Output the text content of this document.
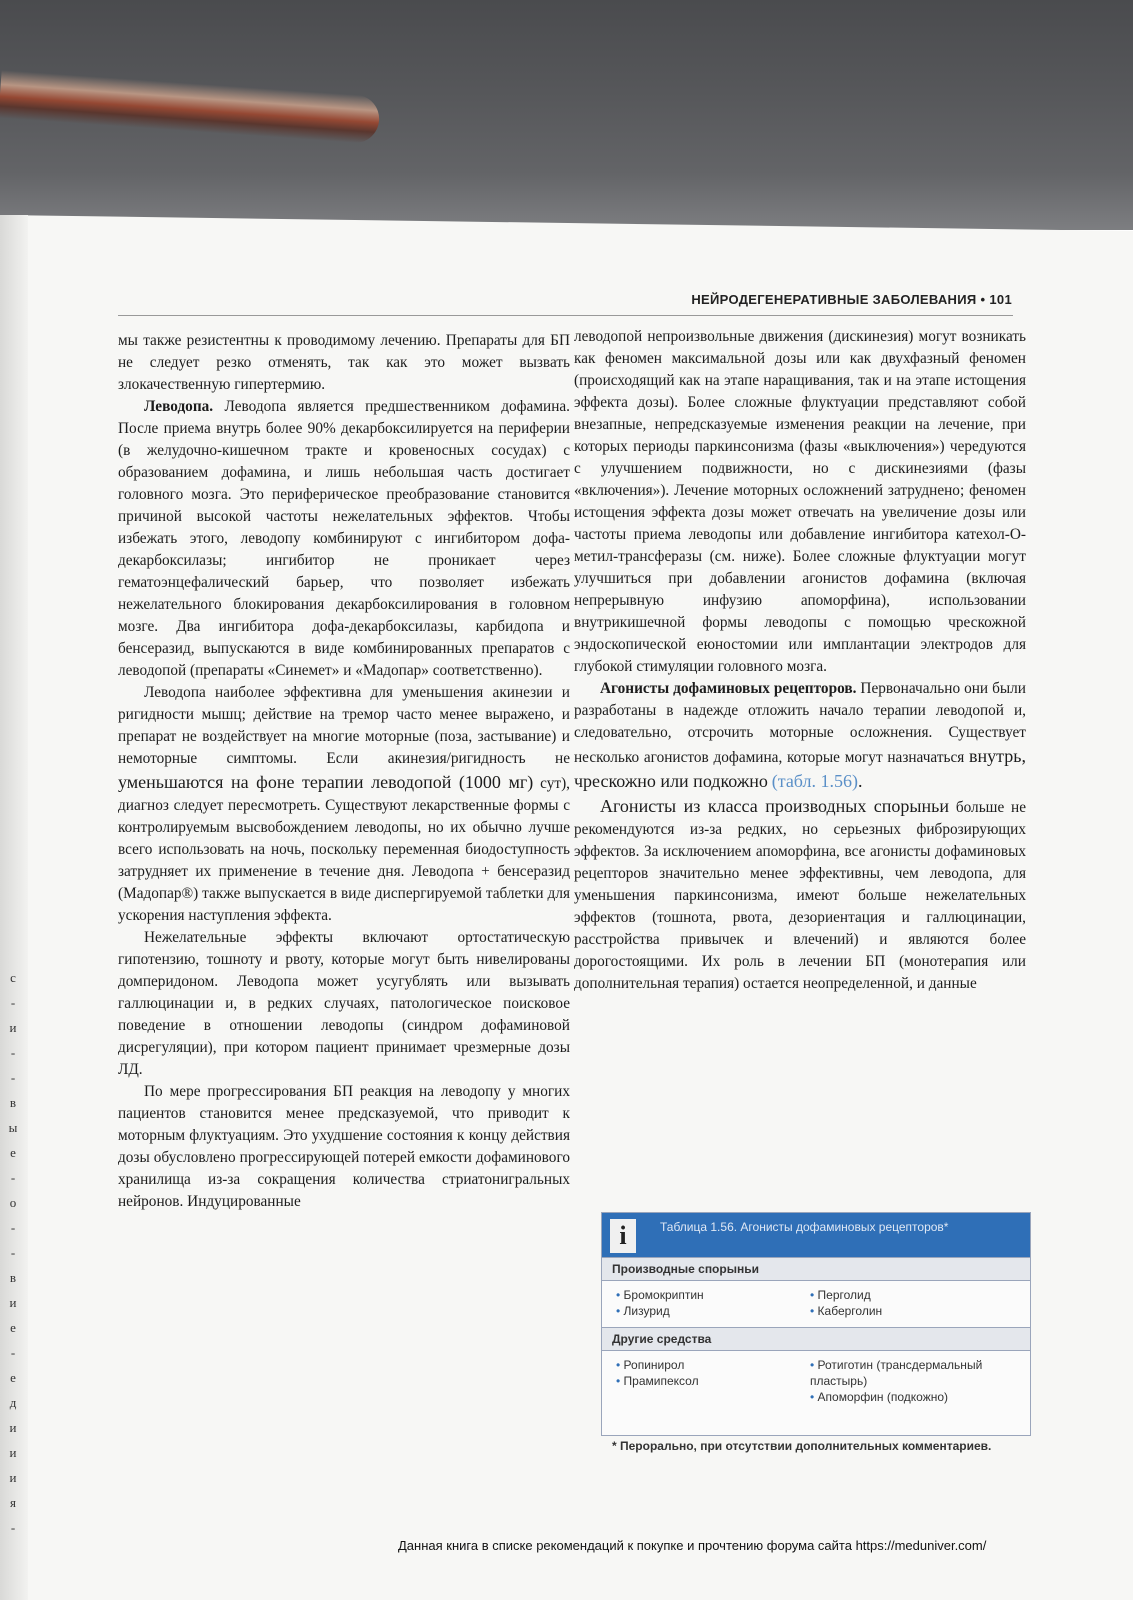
с
-
и
-
-
в
ы
е
-
о
-
-
в
и
е
-
е
д
и
и
и
я
-
НЕЙРОДЕГЕНЕРАТИВНЫЕ ЗАБОЛЕВАНИЯ • 101

мы также резистентны к проводимому лечению. Препараты для БП не следует резко отменять, так как это может вызвать злокачественную гипертермию.

Леводопа. Леводопа является предшественником дофамина. После приема внутрь более 90% декарбоксилируется на периферии (в желудочно-кишечном тракте и кровеносных сосудах) с образованием дофамина, и лишь небольшая часть достигает головного мозга. Это периферическое преобразование становится причиной высокой частоты нежелательных эффектов. Чтобы избежать этого, леводопу комбинируют с ингибитором дофа-декарбоксилазы; ингибитор не проникает через гематоэнцефалический барьер, что позволяет избежать нежелательного блокирования декарбоксилирования в головном мозге. Два ингибитора дофа-декарбоксилазы, карбидопа и бенсеразид, выпускаются в виде комбинированных препаратов с леводопой (препараты «Синемет» и «Мадопар» соответственно).

Леводопа наиболее эффективна для уменьшения акинезии и ригидности мышц; действие на тремор часто менее выражено, и препарат не воздействует на многие моторные (поза, застывание) и немоторные симптомы. Если акинезия/ригидность не уменьшаются на фоне терапии леводопой (1000 мг) сут), диагноз следует пересмотреть. Существуют лекарственные формы с контролируемым высвобождением леводопы, но их обычно лучше всего использовать на ночь, поскольку переменная биодоступность затрудняет их применение в течение дня. Леводопа + бенсеразид (Мадопар®) также выпускается в виде диспергируемой таблетки для ускорения наступления эффекта.

Нежелательные эффекты включают ортостатическую гипотензию, тошноту и рвоту, которые могут быть нивелированы домперидоном. Леводопа может усугублять или вызывать галлюцинации и, в редких случаях, патологическое поисковое поведение в отношении леводопы (синдром дофаминовой дисрегуляции), при котором пациент принимает чрезмерные дозы ЛД.

По мере прогрессирования БП реакция на леводопу у многих пациентов становится менее предсказуемой, что приводит к моторным флуктуациям. Это ухудшение состояния к концу действия дозы обусловлено прогрессирующей потерей емкости дофаминового хранилища из-за сокращения количества стриатонигральных нейронов. Индуцированные

леводопой непроизвольные движения (дискинезия) могут возникать как феномен максимальной дозы или как двухфазный феномен (происходящий как на этапе наращивания, так и на этапе истощения эффекта дозы). Более сложные флуктуации представляют собой внезапные, непредсказуемые изменения реакции на лечение, при которых периоды паркинсонизма (фазы «выключения») чередуются с улучшением подвижности, но с дискинезиями (фазы «включения»). Лечение моторных осложнений затруднено; феномен истощения эффекта дозы может отвечать на увеличение дозы или частоты приема леводопы или добавление ингибитора катехол-О-метил-трансферазы (см. ниже). Более сложные флуктуации могут улучшиться при добавлении агонистов дофамина (включая непрерывную инфузию апоморфина), использовании внутрикишечной формы леводопы с помощью чрескожной эндоскопической еюностомии или имплантации электродов для глубокой стимуляции головного мозга.

Агонисты дофаминовых рецепторов. Первоначально они были разработаны в надежде отложить начало терапии леводопой и, следовательно, отсрочить моторные осложнения. Существует несколько агонистов дофамина, которые могут назначаться внутрь, чрескожно или подкожно (табл. 1.56).

Агонисты из класса производных спорыньи больше не рекомендуются из-за редких, но серьезных фиброзирующих эффектов. За исключением апоморфина, все агонисты дофаминовых рецепторов значительно менее эффективны, чем леводопа, для уменьшения паркинсонизма, имеют больше нежелательных эффектов (тошнота, рвота, дезориентация и галлюцинации, расстройства привычек и влечений) и являются более дорогостоящими. Их роль в лечении БП (монотерапия или дополнительная терапия) остается неопределенной, и данные

i	Таблица 1.56. Агонисты дофаминовых рецепторов*
Производные спорыньи
• Бромокриптин
• Лизурид
• Перголид
• Каберголин
Другие средства
• Ропинирол
• Прамипексол
• Ротиготин (трансдермальный пластырь)
• Апоморфин (подкожно)
* Перорально, при отсутствии дополнительных комментариев.
Данная книга в списке рекомендаций к покупке и прочтению форума сайта https://meduniver.com/
